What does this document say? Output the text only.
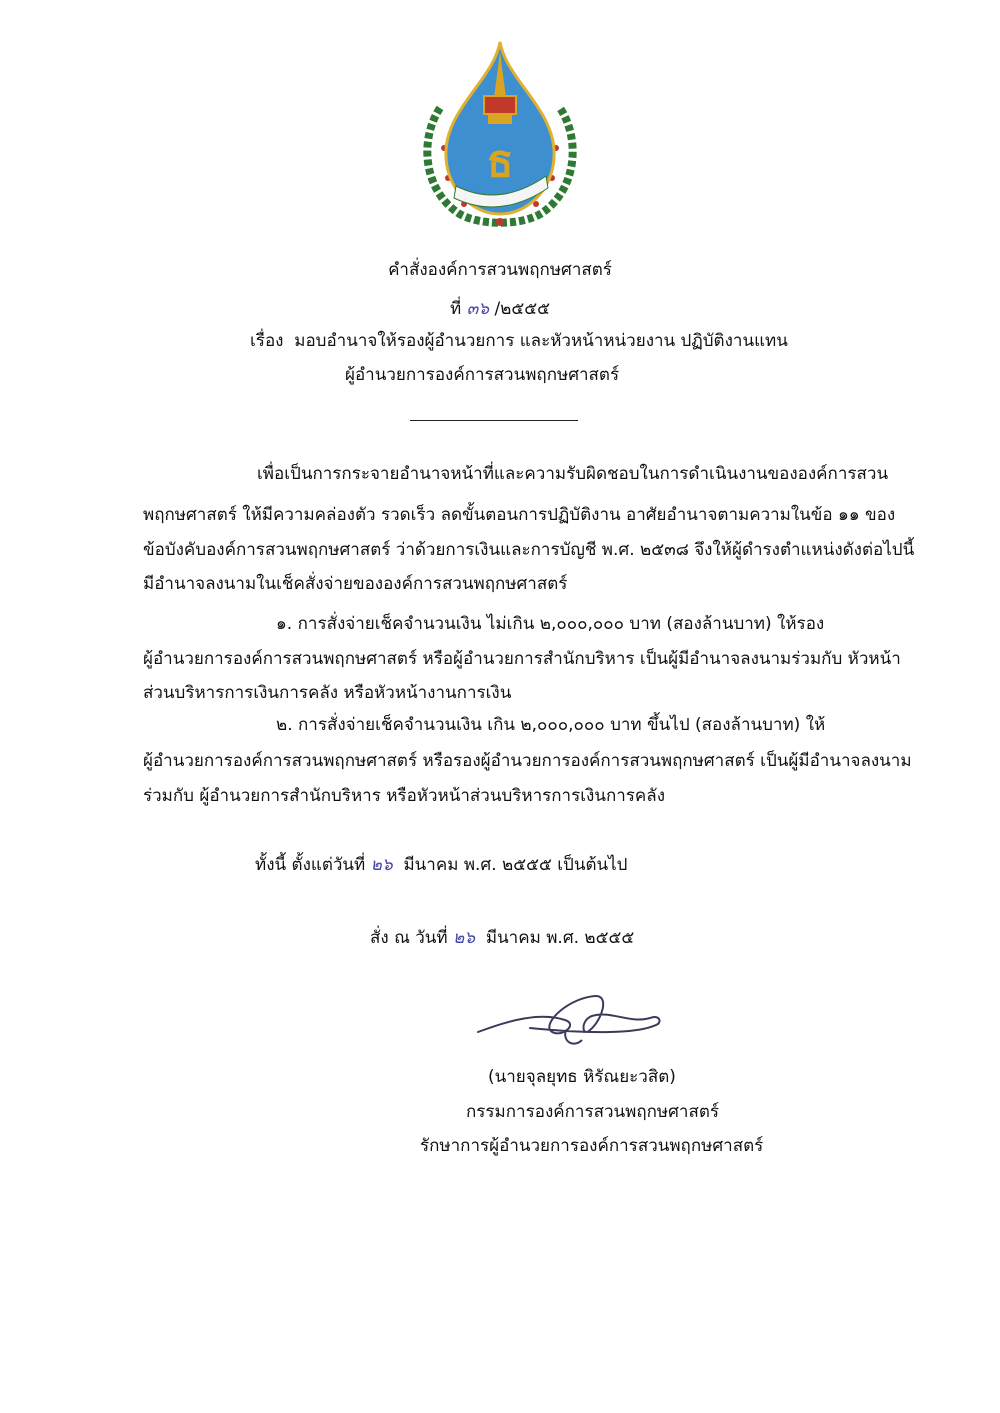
ธ
คำสั่งองค์การสวนพฤกษศาสตร์
ที่ ๓๖ /๒๕๕๕
เรื่อง มอบอำนาจให้รองผู้อำนวยการ และหัวหน้าหน่วยงาน ปฏิบัติงานแทน
ผู้อำนวยการองค์การสวนพฤกษศาสตร์
เพื่อเป็นการกระจายอำนาจหน้าที่และความรับผิดชอบในการดำเนินงานขององค์การสวน
พฤกษศาสตร์ ให้มีความคล่องตัว รวดเร็ว ลดขั้นตอนการปฏิบัติงาน อาศัยอำนาจตามความในข้อ ๑๑ ของ
ข้อบังคับองค์การสวนพฤกษศาสตร์ ว่าด้วยการเงินและการบัญชี พ.ศ. ๒๕๓๘ จึงให้ผู้ดำรงตำแหน่งดังต่อไปนี้
มีอำนาจลงนามในเช็คสั่งจ่ายขององค์การสวนพฤกษศาสตร์
๑. การสั่งจ่ายเช็คจำนวนเงิน ไม่เกิน ๒,๐๐๐,๐๐๐ บาท (สองล้านบาท) ให้รอง
ผู้อำนวยการองค์การสวนพฤกษศาสตร์ หรือผู้อำนวยการสำนักบริหาร เป็นผู้มีอำนาจลงนามร่วมกับ หัวหน้า
ส่วนบริหารการเงินการคลัง หรือหัวหน้างานการเงิน
๒. การสั่งจ่ายเช็คจำนวนเงิน เกิน ๒,๐๐๐,๐๐๐ บาท ขึ้นไป (สองล้านบาท) ให้
ผู้อำนวยการองค์การสวนพฤกษศาสตร์ หรือรองผู้อำนวยการองค์การสวนพฤกษศาสตร์ เป็นผู้มีอำนาจลงนาม
ร่วมกับ ผู้อำนวยการสำนักบริหาร หรือหัวหน้าส่วนบริหารการเงินการคลัง
ทั้งนี้ ตั้งแต่วันที่ ๒๖ มีนาคม พ.ศ. ๒๕๕๕ เป็นต้นไป
สั่ง ณ วันที่ ๒๖ มีนาคม พ.ศ. ๒๕๕๕
(นายจุลยุทธ หิรัณยะวสิต)
กรรมการองค์การสวนพฤกษศาสตร์
รักษาการผู้อำนวยการองค์การสวนพฤกษศาสตร์
